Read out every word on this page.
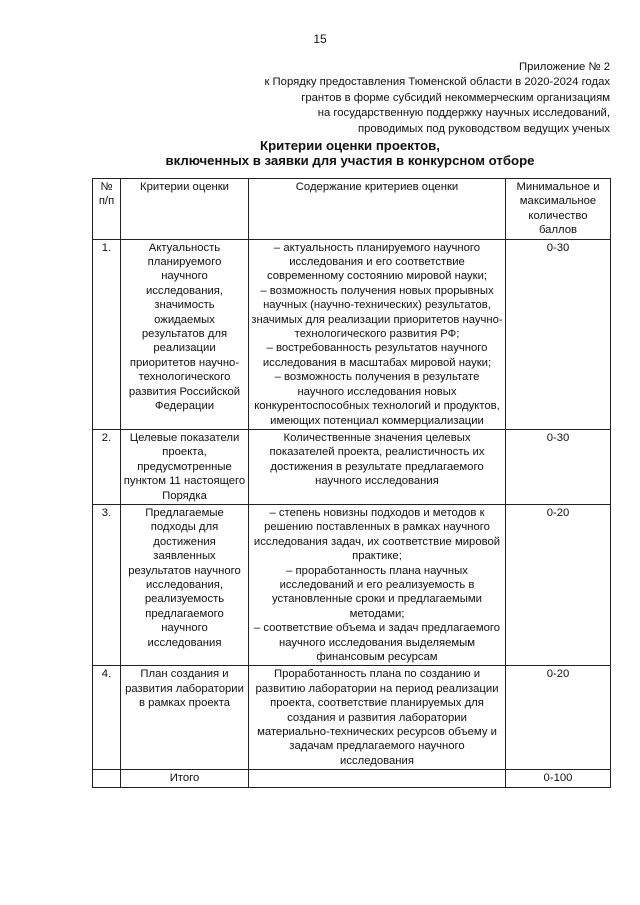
15
Приложение № 2
к Порядку предоставления Тюменской области в 2020-2024 годах
грантов в форме субсидий некоммерческим организациям
на государственную поддержку научных исследований,
проводимых под руководством ведущих ученых
Критерии оценки проектов,
включенных в заявки для участия в конкурсном отборе
№ п/п	Критерии оценки	Содержание критериев оценки	Минимальное и максимальное количество баллов
1.	Актуальность планируемого научного исследования, значимость ожидаемых результатов для реализации приоритетов научно-технологического развития Российской Федерации	– актуальность планируемого научного исследования и его соответствие современному состоянию мировой науки;

– возможность получения новых прорывных научных (научно-технических) результатов, значимых для реализации приоритетов научно-технологического развития РФ;

– востребованность результатов научного исследования в масштабах мировой науки;

– возможность получения в результате научного исследования новых конкурентоспособных технологий и продуктов, имеющих потенциал коммерциализации	0-30
2.	Целевые показатели проекта, предусмотренные пунктом 11 настоящего Порядка	Количественные значения целевых показателей проекта, реалистичность их достижения в результате предлагаемого научного исследования	0-30
3.	Предлагаемые подходы для достижения заявленных результатов научного исследования, реализуемость предлагаемого научного исследования	– степень новизны подходов и методов к решению поставленных в рамках научного исследования задач, их соответствие мировой практике;

– проработанность плана научных исследований и его реализуемость в установленные сроки и предлагаемыми методами;

– соответствие объема и задач предлагаемого научного исследования выделяемым финансовым ресурсам	0-20
4.	План создания и развития лаборатории в рамках проекта	Проработанность плана по созданию и развитию лаборатории на период реализации проекта, соответствие планируемых для создания и развития лаборатории материально-технических ресурсов объему и задачам предлагаемого научного исследования	0-20
	Итого		0-100
